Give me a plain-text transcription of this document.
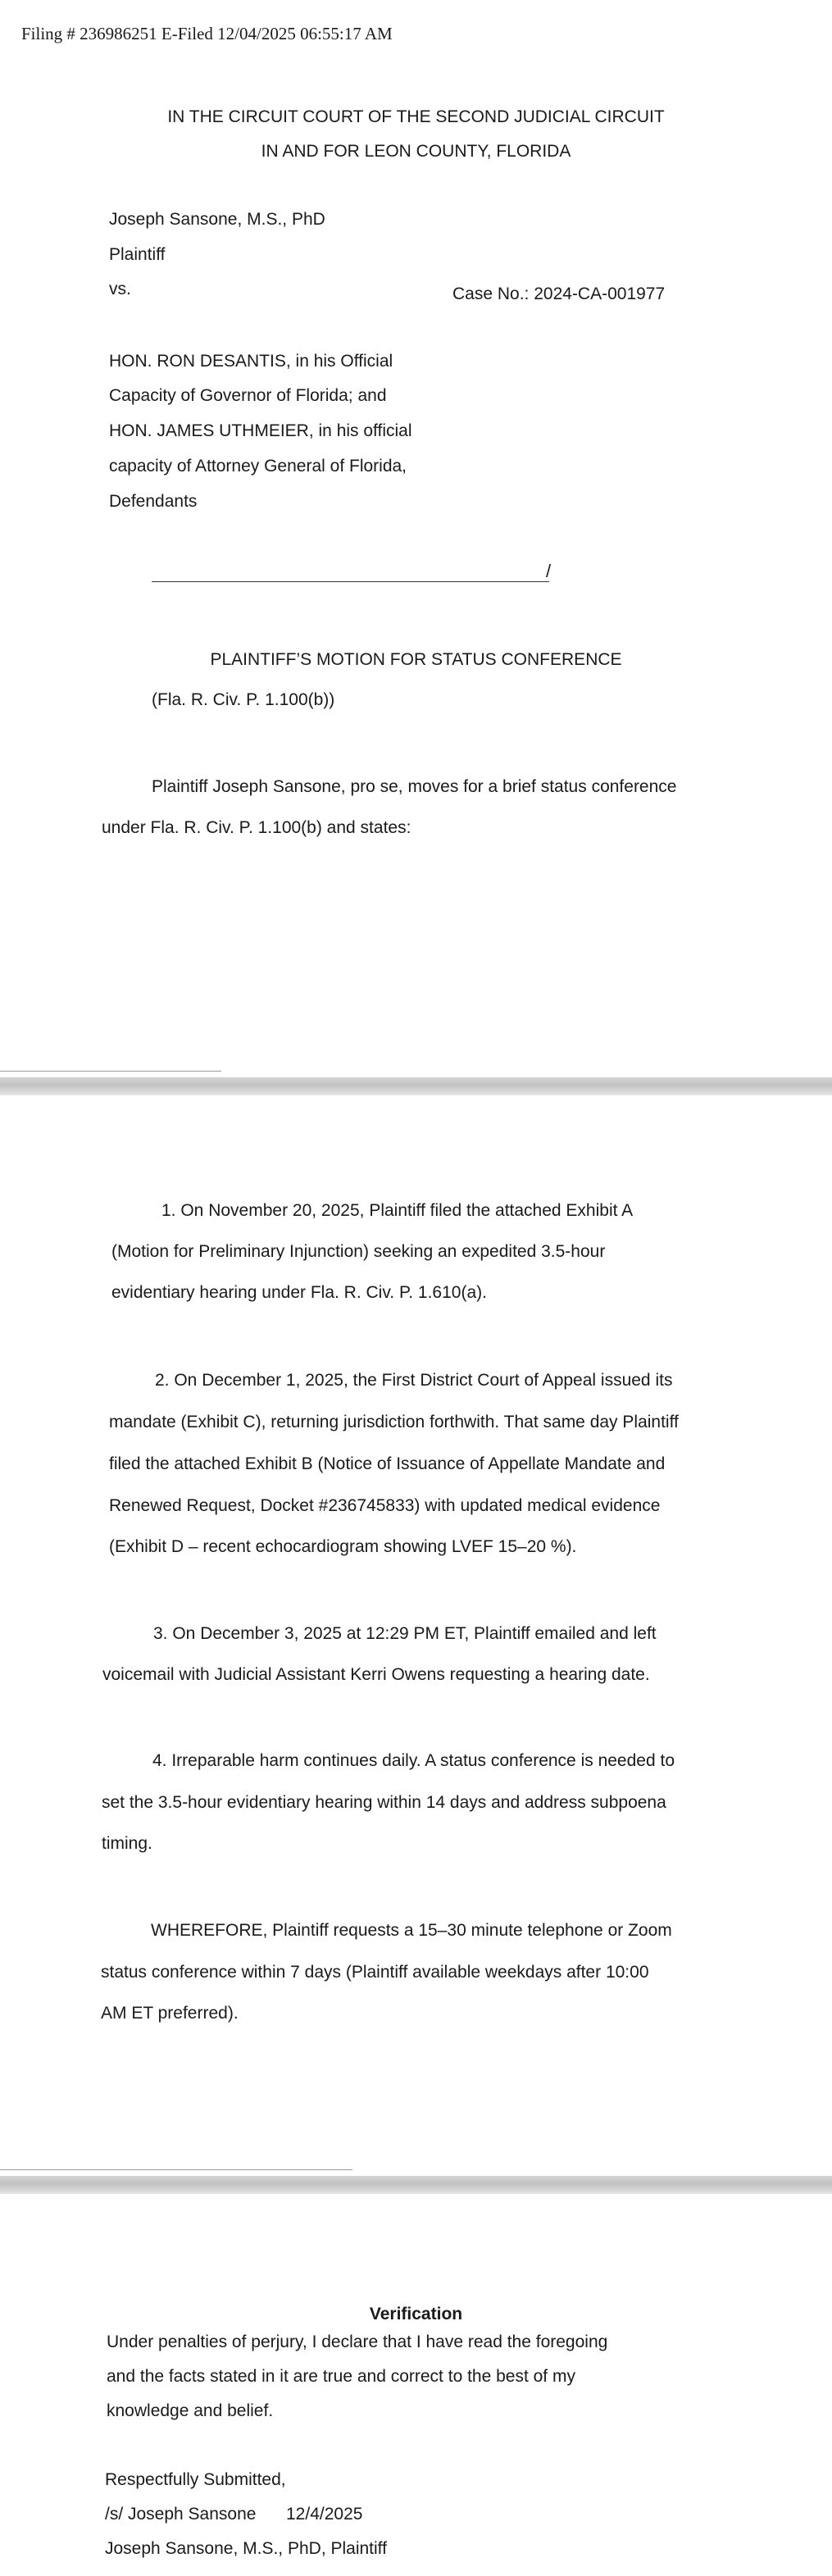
Filing # 236986251 E-Filed 12/04/2025 06:55:17 AM
IN THE CIRCUIT COURT OF THE SECOND JUDICIAL CIRCUIT
IN AND FOR LEON COUNTY, FLORIDA
Joseph Sansone, M.S., PhD
Plaintiff
vs.	Case No.: 2024-CA-001977
HON. RON DESANTIS, in his Official
Capacity of Governor of Florida; and
HON. JAMES UTHMEIER, in his official
capacity of Attorney General of Florida,
Defendants
/
PLAINTIFF’S MOTION FOR STATUS CONFERENCE
(Fla. R. Civ. P. 1.100(b))
Plaintiff Joseph Sansone, pro se, moves for a brief status conference
under Fla. R. Civ. P. 1.100(b) and states:
1. On November 20, 2025, Plaintiff filed the attached Exhibit A
(Motion for Preliminary Injunction) seeking an expedited 3.5-hour
evidentiary hearing under Fla. R. Civ. P. 1.610(a).
2. On December 1, 2025, the First District Court of Appeal issued its
mandate (Exhibit C), returning jurisdiction forthwith. That same day Plaintiff
filed the attached Exhibit B (Notice of Issuance of Appellate Mandate and
Renewed Request, Docket #236745833) with updated medical evidence
(Exhibit D – recent echocardiogram showing LVEF 15–20 %).
3. On December 3, 2025 at 12:29 PM ET, Plaintiff emailed and left
voicemail with Judicial Assistant Kerri Owens requesting a hearing date.
4. Irreparable harm continues daily. A status conference is needed to
set the 3.5-hour evidentiary hearing within 14 days and address subpoena
timing.
WHEREFORE, Plaintiff requests a 15–30 minute telephone or Zoom
status conference within 7 days (Plaintiff available weekdays after 10:00
AM ET preferred).
Verification
Under penalties of perjury, I declare that I have read the foregoing
and the facts stated in it are true and correct to the best of my
knowledge and belief.
Respectfully Submitted,
/s/ Joseph Sansone 12/4/2025
Joseph Sansone, M.S., PhD, Plaintiff
